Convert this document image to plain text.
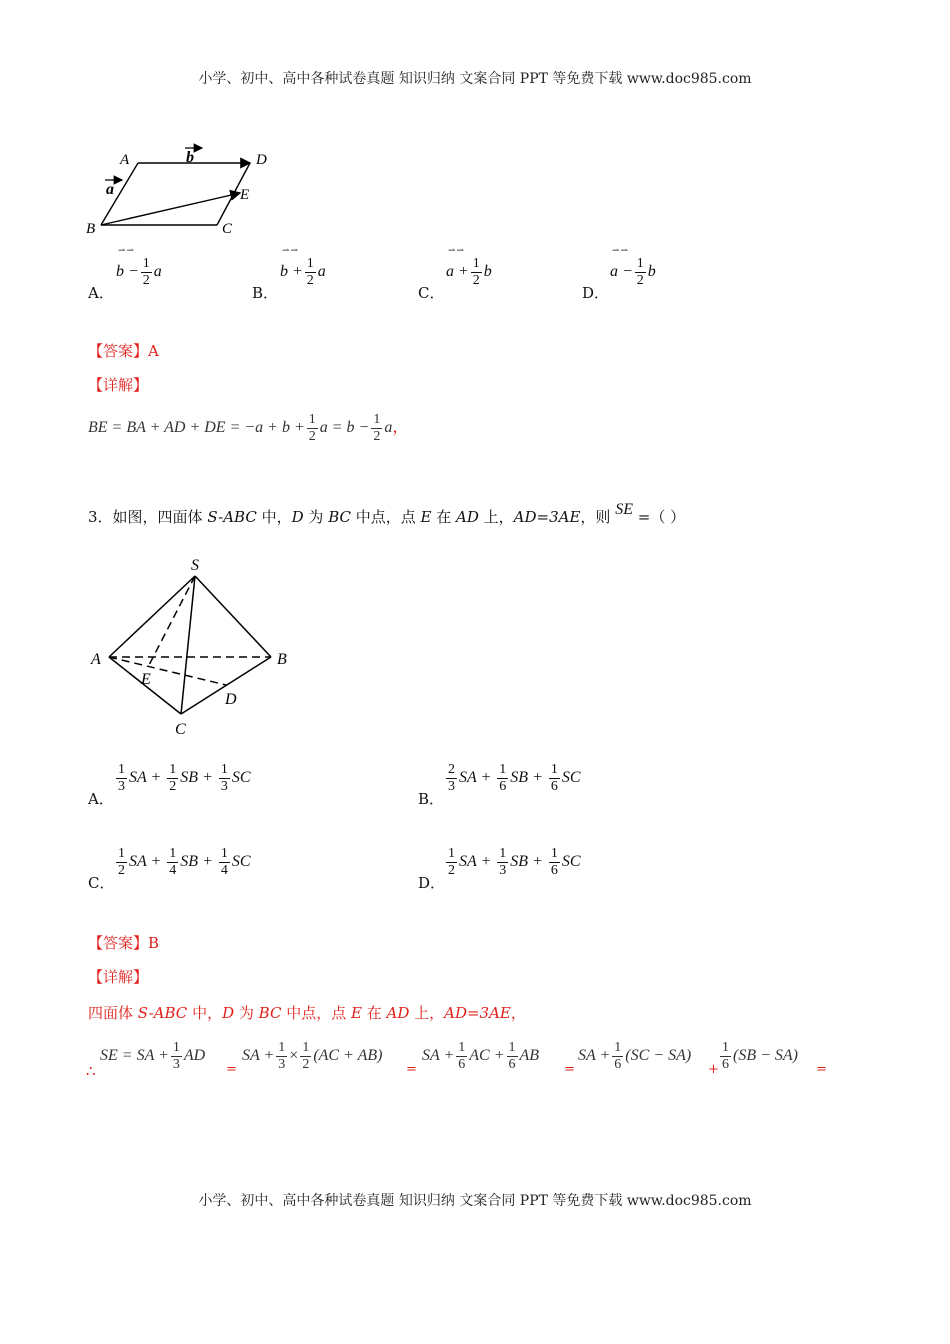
小学、初中、高中各种试卷真题 知识归纳 文案合同 PPT 等免费下载 www.doc985.com
A	D
E
B	C
b
a
A．
⇀⇀
$b - \frac{1}{2}$ a
B．
⇀⇀
$b + \frac{1}{2}$ a
C．
⇀⇀
$a + \frac{1}{2}$ b
D．
⇀⇀
$a - \frac{1}{2}$ b
【答案】A
【详解】
BE = BA + AD + DE = $-a + b + \frac{1}{2}$ $a = b - \frac{1}{2}$ a，
3．如图，四面体 S-ABC 中，D 为 BC 中点，点 E 在 AD 上，AD=3AE，则 SE =（ ）
S
A	B
C
D
E
A．
$\frac{1}{3}$ SA + $\frac{1}{2}$ SB + $\frac{1}{3}$ SC
B．
$\frac{2}{3}$ SA + $\frac{1}{6}$ SB + $\frac{1}{6}$ SC
C．
$\frac{1}{2}$ SA + $\frac{1}{4}$ SB + $\frac{1}{4}$ SC
D．
$\frac{1}{2}$ SA + $\frac{1}{3}$ SB + $\frac{1}{6}$ SC
【答案】B
【详解】
四面体 S-ABC 中，D 为 BC 中点，点 E 在 AD 上，AD=3AE，
∴
SE = SA + $\frac{1}{3}$ AD
=
SA + $\frac{1}{3} \times \frac{1}{2} (AC + AB)$
=
SA + $\frac{1}{6}$ AC + $\frac{1}{6}$ AB
=
SA + $\frac{1}{6} (SC - SA)$
+ $\frac{1}{6} (SB - SA)$
=
小学、初中、高中各种试卷真题 知识归纳 文案合同 PPT 等免费下载 www.doc985.com
